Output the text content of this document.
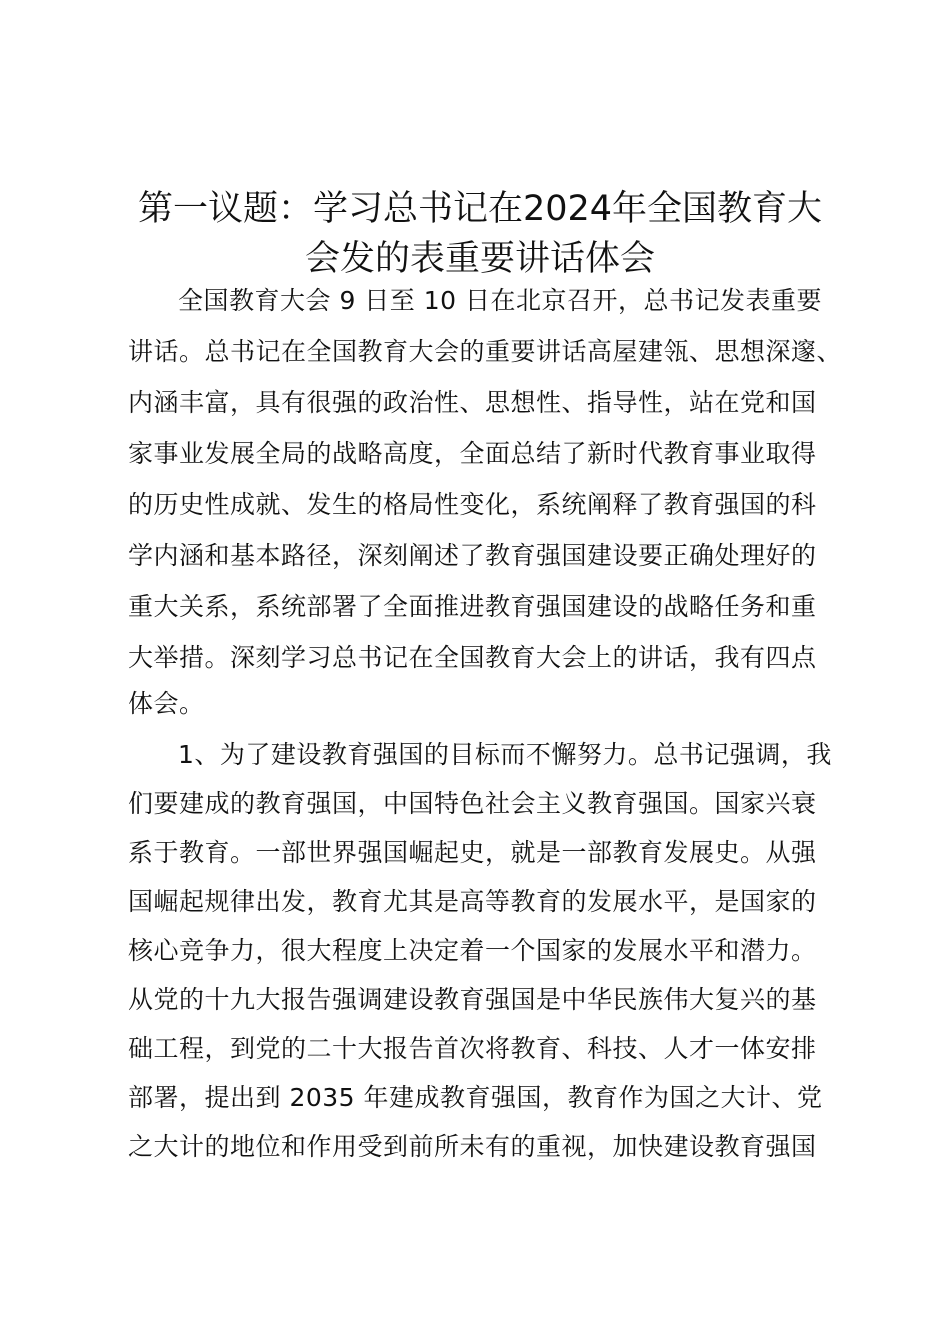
第一议题：学习总书记在2024年全国教育大
会发的表重要讲话体会
全国教育大会 9 日至 10 日在北京召开，总书记发表重要
讲话。总书记在全国教育大会的重要讲话高屋建瓴、思想深邃、
内涵丰富，具有很强的政治性、思想性、指导性，站在党和国
家事业发展全局的战略高度，全面总结了新时代教育事业取得
的历史性成就、发生的格局性变化，系统阐释了教育强国的科
学内涵和基本路径，深刻阐述了教育强国建设要正确处理好的
重大关系，系统部署了全面推进教育强国建设的战略任务和重
大举措。深刻学习总书记在全国教育大会上的讲话，我有四点
体会。
1、为了建设教育强国的目标而不懈努力。总书记强调，我
们要建成的教育强国，中国特色社会主义教育强国。国家兴衰
系于教育。一部世界强国崛起史，就是一部教育发展史。从强
国崛起规律出发，教育尤其是高等教育的发展水平，是国家的
核心竞争力，很大程度上决定着一个国家的发展水平和潜力。
从党的十九大报告强调建设教育强国是中华民族伟大复兴的基
础工程，到党的二十大报告首次将教育、科技、人才一体安排
部署，提出到 2035 年建成教育强国，教育作为国之大计、党
之大计的地位和作用受到前所未有的重视，加快建设教育强国
